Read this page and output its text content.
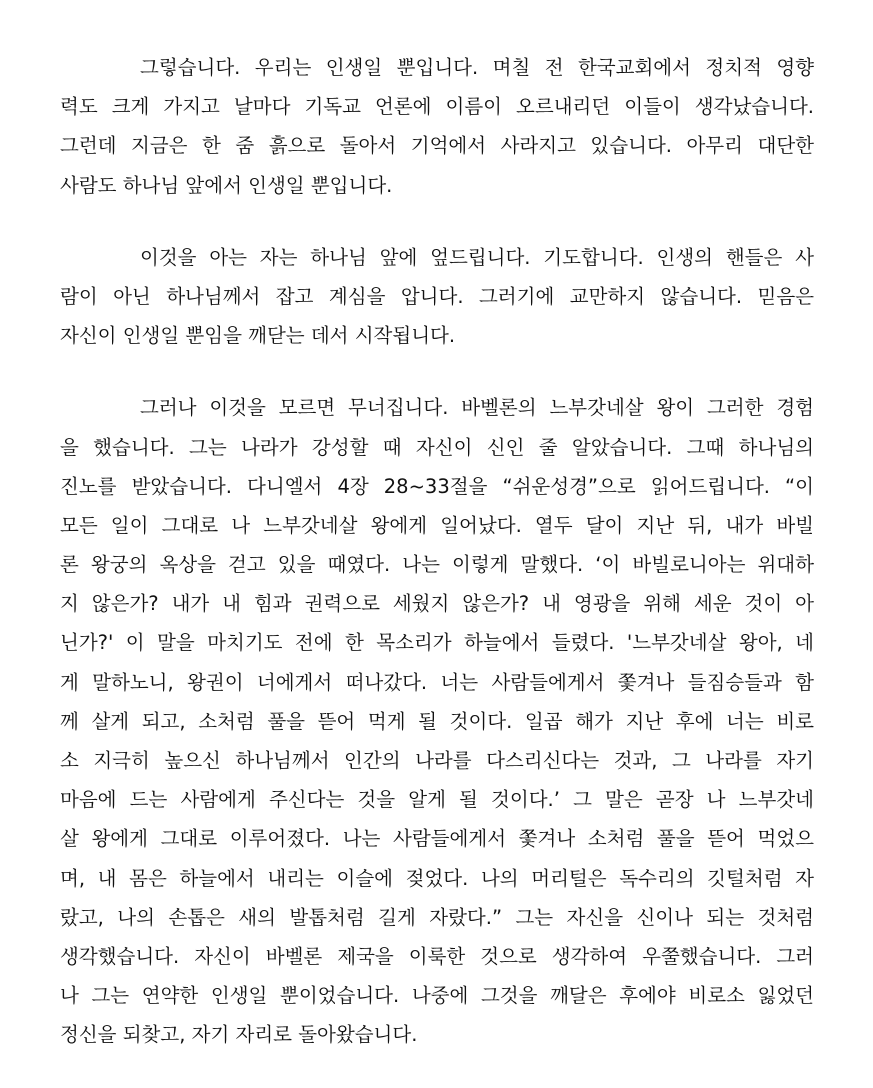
그렇습니다. 우리는 인생일 뿐입니다. 며칠 전 한국교회에서 정치적 영향
력도 크게 가지고 날마다 기독교 언론에 이름이 오르내리던 이들이 생각났습니다.
그런데 지금은 한 줌 흙으로 돌아서 기억에서 사라지고 있습니다. 아무리 대단한
사람도 하나님 앞에서 인생일 뿐입니다.
이것을 아는 자는 하나님 앞에 엎드립니다. 기도합니다. 인생의 핸들은 사
람이 아닌 하나님께서 잡고 계심을 압니다. 그러기에 교만하지 않습니다. 믿음은
자신이 인생일 뿐임을 깨닫는 데서 시작됩니다.
그러나 이것을 모르면 무너집니다. 바벨론의 느부갓네살 왕이 그러한 경험
을 했습니다. 그는 나라가 강성할 때 자신이 신인 줄 알았습니다. 그때 하나님의
진노를 받았습니다. 다니엘서 4장 28~33절을 “쉬운성경”으로 읽어드립니다. “이
모든 일이 그대로 나 느부갓네살 왕에게 일어났다. 열두 달이 지난 뒤, 내가 바빌
론 왕궁의 옥상을 걷고 있을 때였다. 나는 이렇게 말했다. ‘이 바빌로니아는 위대하
지 않은가? 내가 내 힘과 권력으로 세웠지 않은가? 내 영광을 위해 세운 것이 아
닌가?' 이 말을 마치기도 전에 한 목소리가 하늘에서 들렸다. '느부갓네살 왕아, 네
게 말하노니, 왕권이 너에게서 떠나갔다. 너는 사람들에게서 쫓겨나 들짐승들과 함
께 살게 되고, 소처럼 풀을 뜯어 먹게 될 것이다. 일곱 해가 지난 후에 너는 비로
소 지극히 높으신 하나님께서 인간의 나라를 다스리신다는 것과, 그 나라를 자기
마음에 드는 사람에게 주신다는 것을 알게 될 것이다.’ 그 말은 곧장 나 느부갓네
살 왕에게 그대로 이루어졌다. 나는 사람들에게서 쫓겨나 소처럼 풀을 뜯어 먹었으
며, 내 몸은 하늘에서 내리는 이슬에 젖었다. 나의 머리털은 독수리의 깃털처럼 자
랐고, 나의 손톱은 새의 발톱처럼 길게 자랐다.” 그는 자신을 신이나 되는 것처럼
생각했습니다. 자신이 바벨론 제국을 이룩한 것으로 생각하여 우쭐했습니다. 그러
나 그는 연약한 인생일 뿐이었습니다. 나중에 그것을 깨달은 후에야 비로소 잃었던
정신을 되찾고, 자기 자리로 돌아왔습니다.
